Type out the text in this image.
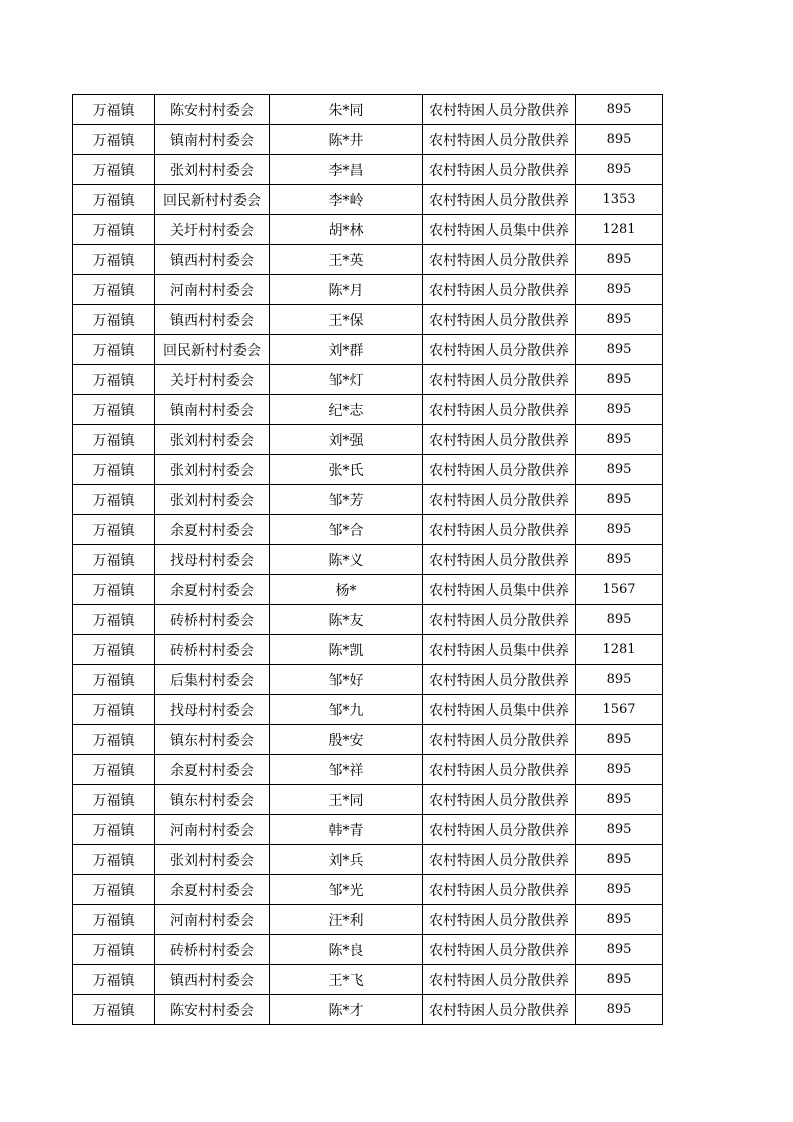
万福镇	陈安村村委会	朱*同	农村特困人员分散供养	895
万福镇	镇南村村委会	陈*井	农村特困人员分散供养	895
万福镇	张刘村村委会	李*昌	农村特困人员分散供养	895
万福镇	回民新村村委会	李*岭	农村特困人员分散供养	1353
万福镇	关圩村村委会	胡*林	农村特困人员集中供养	1281
万福镇	镇西村村委会	王*英	农村特困人员分散供养	895
万福镇	河南村村委会	陈*月	农村特困人员分散供养	895
万福镇	镇西村村委会	王*保	农村特困人员分散供养	895
万福镇	回民新村村委会	刘*群	农村特困人员分散供养	895
万福镇	关圩村村委会	邹*灯	农村特困人员分散供养	895
万福镇	镇南村村委会	纪*志	农村特困人员分散供养	895
万福镇	张刘村村委会	刘*强	农村特困人员分散供养	895
万福镇	张刘村村委会	张*氏	农村特困人员分散供养	895
万福镇	张刘村村委会	邹*芳	农村特困人员分散供养	895
万福镇	余夏村村委会	邹*合	农村特困人员分散供养	895
万福镇	找母村村委会	陈*义	农村特困人员分散供养	895
万福镇	余夏村村委会	杨*	农村特困人员集中供养	1567
万福镇	砖桥村村委会	陈*友	农村特困人员分散供养	895
万福镇	砖桥村村委会	陈*凯	农村特困人员集中供养	1281
万福镇	后集村村委会	邹*好	农村特困人员分散供养	895
万福镇	找母村村委会	邹*九	农村特困人员集中供养	1567
万福镇	镇东村村委会	殷*安	农村特困人员分散供养	895
万福镇	余夏村村委会	邹*祥	农村特困人员分散供养	895
万福镇	镇东村村委会	王*同	农村特困人员分散供养	895
万福镇	河南村村委会	韩*青	农村特困人员分散供养	895
万福镇	张刘村村委会	刘*兵	农村特困人员分散供养	895
万福镇	余夏村村委会	邹*光	农村特困人员分散供养	895
万福镇	河南村村委会	汪*利	农村特困人员分散供养	895
万福镇	砖桥村村委会	陈*良	农村特困人员分散供养	895
万福镇	镇西村村委会	王*飞	农村特困人员分散供养	895
万福镇	陈安村村委会	陈*才	农村特困人员分散供养	895
